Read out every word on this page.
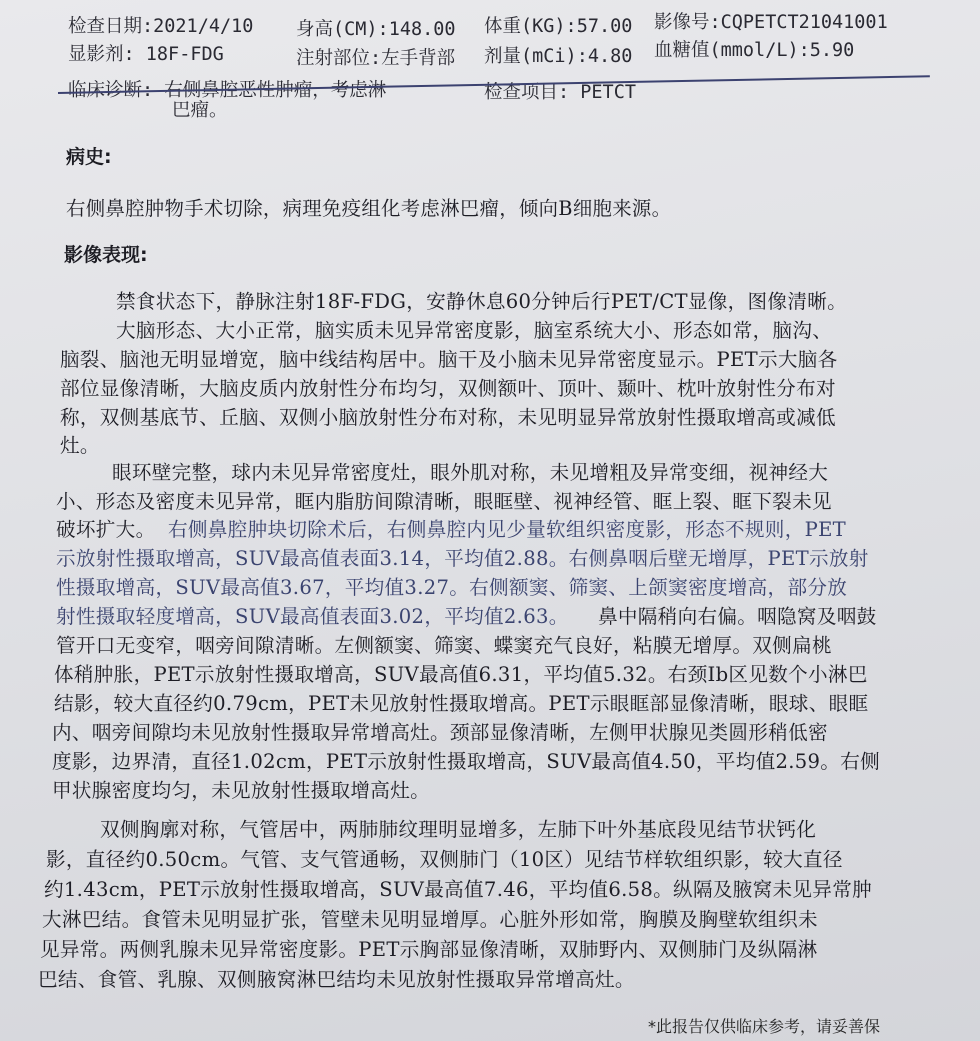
检查日期:2021/4/10 身高(CM):148.00 体重(KG):57.00 影像号:CQPETCT21041001
显影剂: 18F-FDG	注射部位:左手背部 剂量(mCi):4.80 血糖值(mmol/L):5.90
临床诊断: 右侧鼻腔恶性肿瘤，考虑淋
巴瘤。
检查项目: PETCT
病史:
右侧鼻腔肿物手术切除，病理免疫组化考虑淋巴瘤，倾向B细胞来源。
影像表现:
禁食状态下，静脉注射18F-FDG，安静休息60分钟后行PET/CT显像，图像清晰。
大脑形态、大小正常，脑实质未见异常密度影，脑室系统大小、形态如常，脑沟、
脑裂、脑池无明显增宽，脑中线结构居中。脑干及小脑未见异常密度显示。PET示大脑各
部位显像清晰，大脑皮质内放射性分布均匀，双侧额叶、顶叶、颞叶、枕叶放射性分布对
称，双侧基底节、丘脑、双侧小脑放射性分布对称，未见明显异常放射性摄取增高或减低
灶。
眼环壁完整，球内未见异常密度灶，眼外肌对称，未见增粗及异常变细，视神经大
小、形态及密度未见异常，眶内脂肪间隙清晰，眼眶壁、视神经管、眶上裂、眶下裂未见
破坏扩大。 右侧鼻腔肿块切除术后，右侧鼻腔内见少量软组织密度影，形态不规则，PET
示放射性摄取增高，SUV最高值表面3.14，平均值2.88。右侧鼻咽后壁无增厚，PET示放射
性摄取增高，SUV最高值3.67，平均值3.27。右侧额窦、筛窦、上颌窦密度增高，部分放
射性摄取轻度增高，SUV最高值表面3.02，平均值2.63。 鼻中隔稍向右偏。咽隐窝及咽鼓
管开口无变窄，咽旁间隙清晰。左侧额窦、筛窦、蝶窦充气良好，粘膜无增厚。双侧扁桃
体稍肿胀，PET示放射性摄取增高，SUV最高值6.31，平均值5.32。右颈Ib区见数个小淋巴
结影，较大直径约0.79cm，PET未见放射性摄取增高。PET示眼眶部显像清晰，眼球、眼眶
内、咽旁间隙均未见放射性摄取异常增高灶。颈部显像清晰，左侧甲状腺见类圆形稍低密
度影，边界清，直径1.02cm，PET示放射性摄取增高，SUV最高值4.50，平均值2.59。右侧
甲状腺密度均匀，未见放射性摄取增高灶。
双侧胸廓对称，气管居中，两肺肺纹理明显增多，左肺下叶外基底段见结节状钙化
影，直径约0.50cm。气管、支气管通畅，双侧肺门（10区）见结节样软组织影，较大直径
约1.43cm，PET示放射性摄取增高，SUV最高值7.46，平均值6.58。纵隔及腋窝未见异常肿
大淋巴结。食管未见明显扩张，管壁未见明显增厚。心脏外形如常，胸膜及胸壁软组织未
见异常。两侧乳腺未见异常密度影。PET示胸部显像清晰，双肺野内、双侧肺门及纵隔淋
巴结、食管、乳腺、双侧腋窝淋巴结均未见放射性摄取异常增高灶。
*此报告仅供临床参考，请妥善保
